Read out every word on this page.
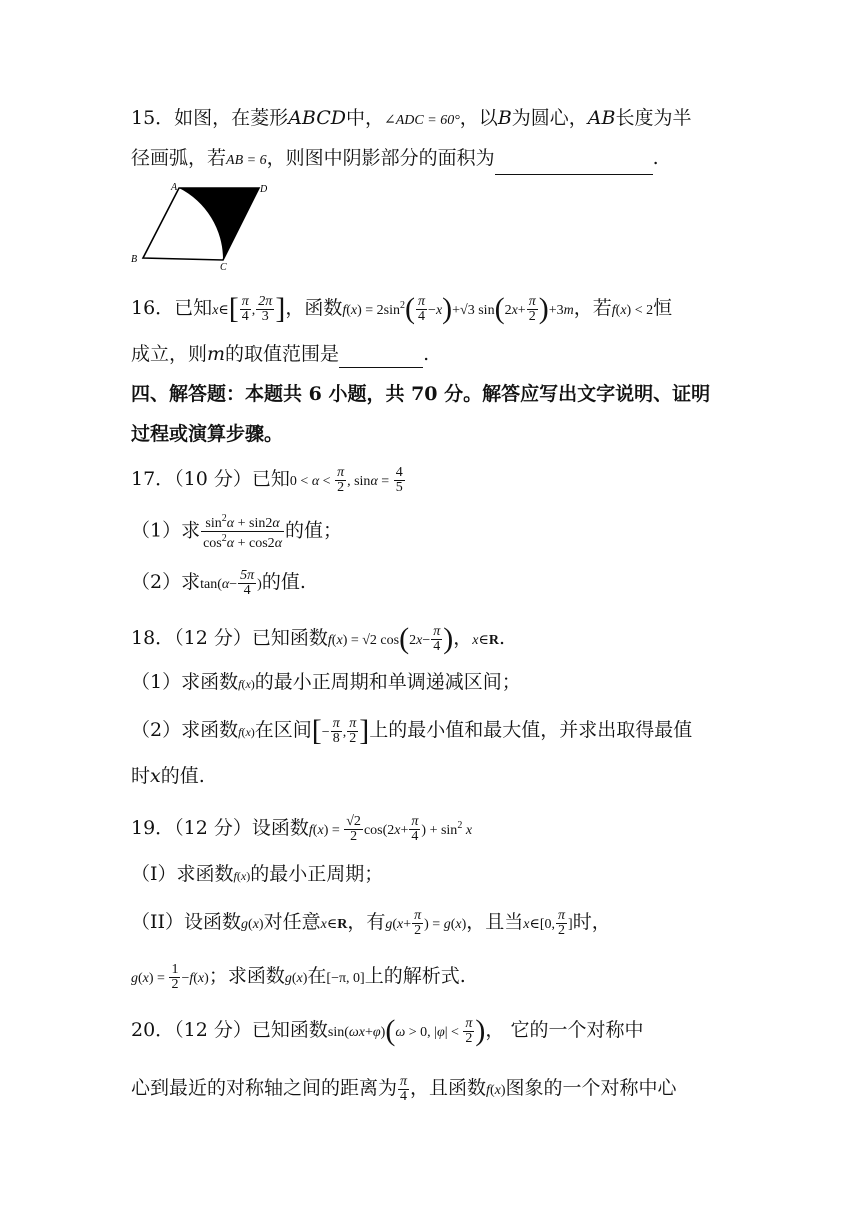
15．如图，在菱形ABCD中，∠ADC = 60°，以B为圆心，AB长度为半
径画弧，若AB = 6，则图中阴影部分的面积为	.
A	D
B
C
16．已知x∈[ $\frac{\pi}{4}$ , $\frac{2\pi}{3}$ ]，函数$f(x) = 2\sin^2( \frac{\pi}{4} -x)+√3$ $\sin(2x+ \frac{\pi}{2} )+3m$，若f(x) < 2恒
成立，则m的取值范围是	.
四、解答题：本题共 6 小题，共 70 分。解答应写出文字说明、证明
过程或演算步骤。
17．（10 分）已知$0 < \alpha < \frac{\pi}{2}$ , $\sin\alpha = \frac{4}{5}$
（1）求 $\frac{\sin^2\alpha + \sin 2\alpha}{\cos^2\alpha + \cos 2\alpha}$ 的值；
（2）求$\tan(\alpha- \frac{5\pi}{4}$ )的值.
18．（12 分）已知函数f(x) = √2 $\cos(2x- \frac{\pi}{4}$ )，x∈R.
（1）求函数f(x)的最小正周期和单调递减区间；
（2）求函数f(x)在区间[− $\frac{\pi}{8}$ , $\frac{\pi}{2}$ ]上的最小值和最大值，并求出取得最值
时x的值.
19．（12 分）设函数$f(x) = \frac{√2}{2} \cos(2x+ \frac{\pi}{4}$ ) + $\sin^2 x$
（I）求函数f(x)的最小正周期；
（II）设函数g(x)对任意x∈R，有$g(x+ \frac{\pi}{2}$ ) = g(x)，且当x∈[0, $\frac{\pi}{2}$ ]时，
$g(x) = \frac{1}{2} -f(x)$；求函数g(x)在[−π, 0]上的解析式.
20．（12 分）已知函数sin(ωx+φ)(ω > 0, $|\varphi| < \frac{\pi}{2}$ )， 它的一个对称中
心到最近的对称轴之间的距离为 $\frac{\pi}{4}$ ，且函数f(x)图象的一个对称中心
